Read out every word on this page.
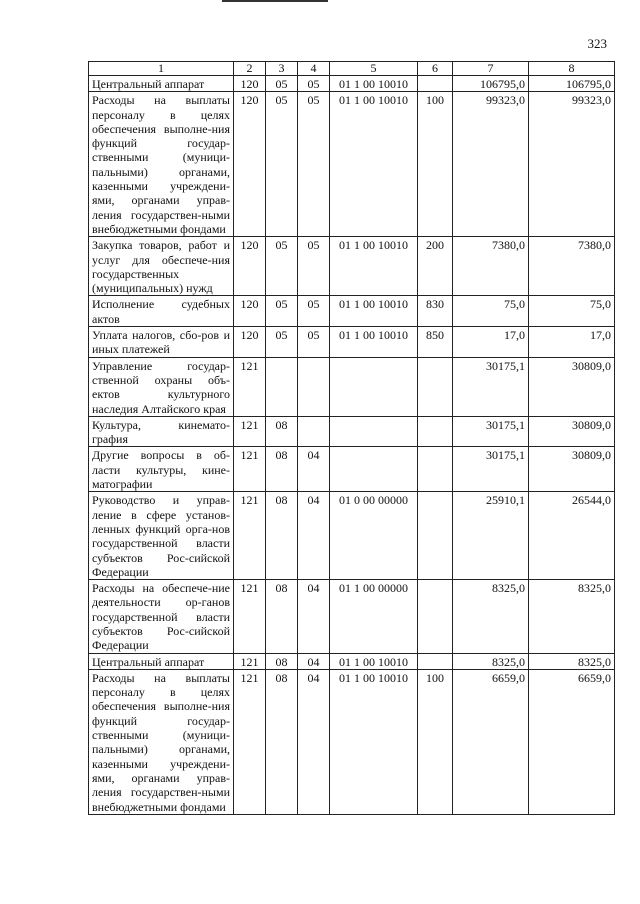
323
1	2	3	4	5	6	7	8
Центральный аппарат	120	05	05	01 1 00 10010		106795,0	106795,0
Расходы на выплаты персоналу в целях обеспечения выполне-ния функций государ-ственными (муници-пальными) органами, казенными учреждени-ями, органами управ-ления государствен-ными внебюджетными фондами	120	05	05	01 1 00 10010	100	99323,0	99323,0
Закупка товаров, работ и услуг для обеспече-ния государственных (муниципальных) нужд	120	05	05	01 1 00 10010	200	7380,0	7380,0
Исполнение судебных актов	120	05	05	01 1 00 10010	830	75,0	75,0
Уплата налогов, сбо-ров и иных платежей	120	05	05	01 1 00 10010	850	17,0	17,0
Управление государ-ственной охраны объ-ектов культурного наследия Алтайского края	121					30175,1	30809,0
Культура, кинемато-графия	121	08				30175,1	30809,0
Другие вопросы в об-ласти культуры, кине-матографии	121	08	04			30175,1	30809,0
Руководство и управ-ление в сфере установ-ленных функций орга-нов государственной власти субъектов Рос-сийской Федерации	121	08	04	01 0 00 00000		25910,1	26544,0
Расходы на обеспече-ние деятельности ор-ганов государственной власти субъектов Рос-сийской Федерации	121	08	04	01 1 00 00000		8325,0	8325,0
Центральный аппарат	121	08	04	01 1 00 10010		8325,0	8325,0
Расходы на выплаты персоналу в целях обеспечения выполне-ния функций государ-ственными (муници-пальными) органами, казенными учреждени-ями, органами управ-ления государствен-ными внебюджетными фондами	121	08	04	01 1 00 10010	100	6659,0	6659,0
